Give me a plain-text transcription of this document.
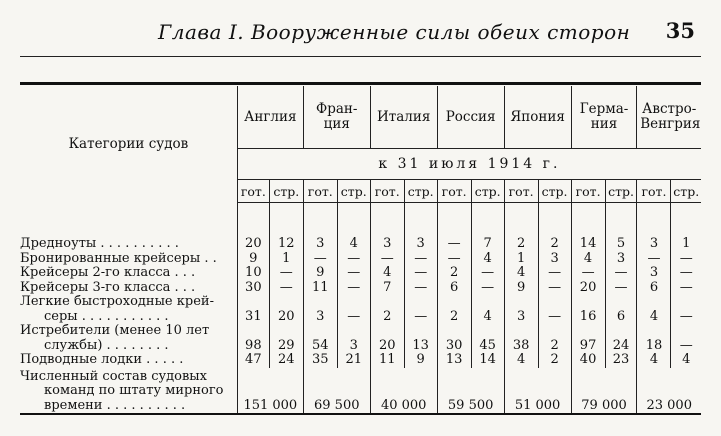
Глава I. Вооруженные силы обеих сторон 35
Категории судов	Англия		Фран- ция		Италия		Россия		Япония		Герма- ния		Австро- Венгрия	
	к 31 июля 1914 г.													
	гот.	стр.	гот.	стр.	гот.	стр.	гот.	стр.	гот.	стр.	гот.	стр.	гот.	стр.

Дредноуты . . . . . . . . . .	20	12	3	4	3	3	—	7	2	2	14	5	3	1
Бронированные крейсеры . .	9	1	—	—	—	—	—	4	1	3	4	3	—	—
Крейсеры 2-го класса . . .	10	—	9	—	4	—	2	—	4	—	—	—	3	—
Крейсеры 3-го класса . . .	30	—	11	—	7	—	6	—	9	—	20	—	6	—

Легкие быстроходные крей-
серы . . . . . . . . . . .	31	20	3	—	2	—	2	4	3	—	16	6	4	—

Истребители (менее 10 лет
службы) . . . . . . . .	98	29	54	3	20	13	30	45	38	2	97	24	18	—
Подводные лодки . . . . .	47	24	35	21	11	9	13	14	4	2	40	23	4	4

Численный состав судовых
команд по штату мирного
времени . . . . . . . . . .	151 000		69 500		40 000		59 500		51 000		79 000		23 000	
